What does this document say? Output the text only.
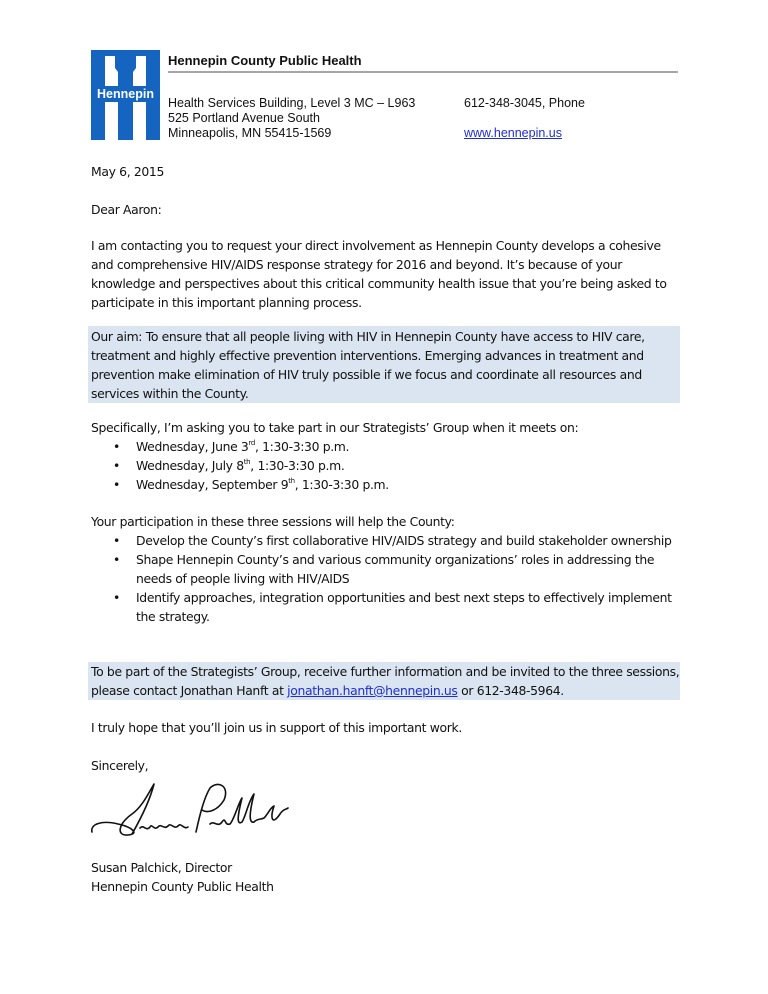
Hennepin
Hennepin County Public Health
Health Services Building, Level 3 MC – L963
525 Portland Avenue South
Minneapolis, MN 55415-1569
612-348-3045, Phone
www.hennepin.us
May 6, 2015
Dear Aaron:
I am contacting you to request your direct involvement as Hennepin County develops a cohesive and comprehensive HIV/AIDS response strategy for 2016 and beyond. It’s because of your knowledge and perspectives about this critical community health issue that you’re being asked to participate in this important planning process.
Our aim: To ensure that all people living with HIV in Hennepin County have access to HIV care, treatment and highly effective prevention interventions. Emerging advances in treatment and prevention make elimination of HIV truly possible if we focus and coordinate all resources and services within the County.
Specifically, I’m asking you to take part in our Strategists’ Group when it meets on:
• Wednesday, June 3rd, 1:30-3:30 p.m.
• Wednesday, July 8th, 1:30-3:30 p.m.
• Wednesday, September 9th, 1:30-3:30 p.m.
Your participation in these three sessions will help the County:
• Develop the County’s first collaborative HIV/AIDS strategy and build stakeholder ownership
• Shape Hennepin County’s and various community organizations’ roles in addressing the needs of people living with HIV/AIDS
• Identify approaches, integration opportunities and best next steps to effectively implement the strategy.
To be part of the Strategists’ Group, receive further information and be invited to the three sessions, please contact Jonathan Hanft at jonathan.hanft@hennepin.us or 612-348-5964.
I truly hope that you’ll join us in support of this important work.
Sincerely,
Susan Palchick, Director
Hennepin County Public Health
